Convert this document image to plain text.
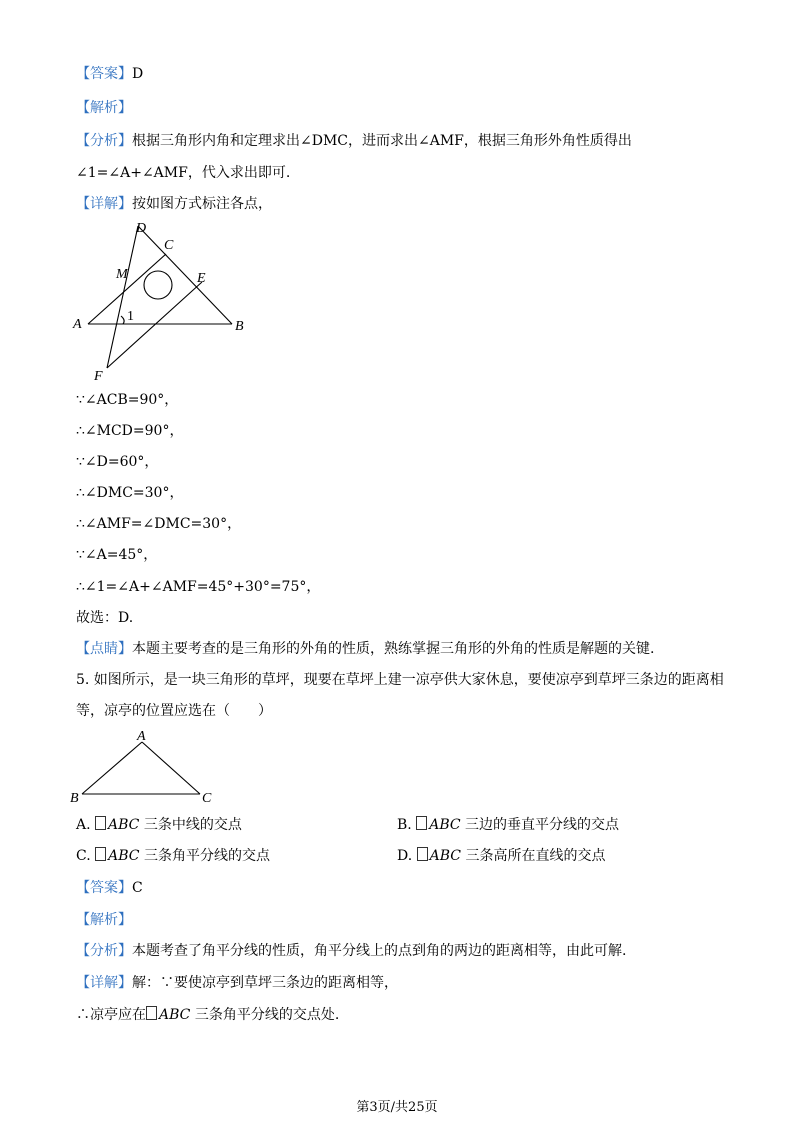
【答案】D
【解析】
【分析】根据三角形内角和定理求出∠DMC，进而求出∠AMF，根据三角形外角性质得出
∠1=∠A+∠AMF，代入求出即可.
【详解】按如图方式标注各点，
D
C
M	E
A
1
B
F
∵∠ACB=90°，
∴∠MCD=90°，
∵∠D=60°，
∴∠DMC=30°，
∴∠AMF=∠DMC=30°，
∵∠A=45°，
∴∠1=∠A+∠AMF=45°+30°=75°，
故选：D.
【点睛】本题主要考查的是三角形的外角的性质，熟练掌握三角形的外角的性质是解题的关键.
5. 如图所示，是一块三角形的草坪，现要在草坪上建一凉亭供大家休息，要使凉亭到草坪三条边的距离相
等，凉亭的位置应选在（　　）
A
B	C
A. ABC 三条中线的交点	B. ABC 三边的垂直平分线的交点
C. ABC 三条角平分线的交点	D. ABC 三条高所在直线的交点
【答案】C
【解析】
【分析】本题考查了角平分线的性质，角平分线上的点到角的两边的距离相等，由此可解.
【详解】解：∵要使凉亭到草坪三条边的距离相等，
∴凉亭应在 ABC 三条角平分线的交点处.
第3页/共25页
